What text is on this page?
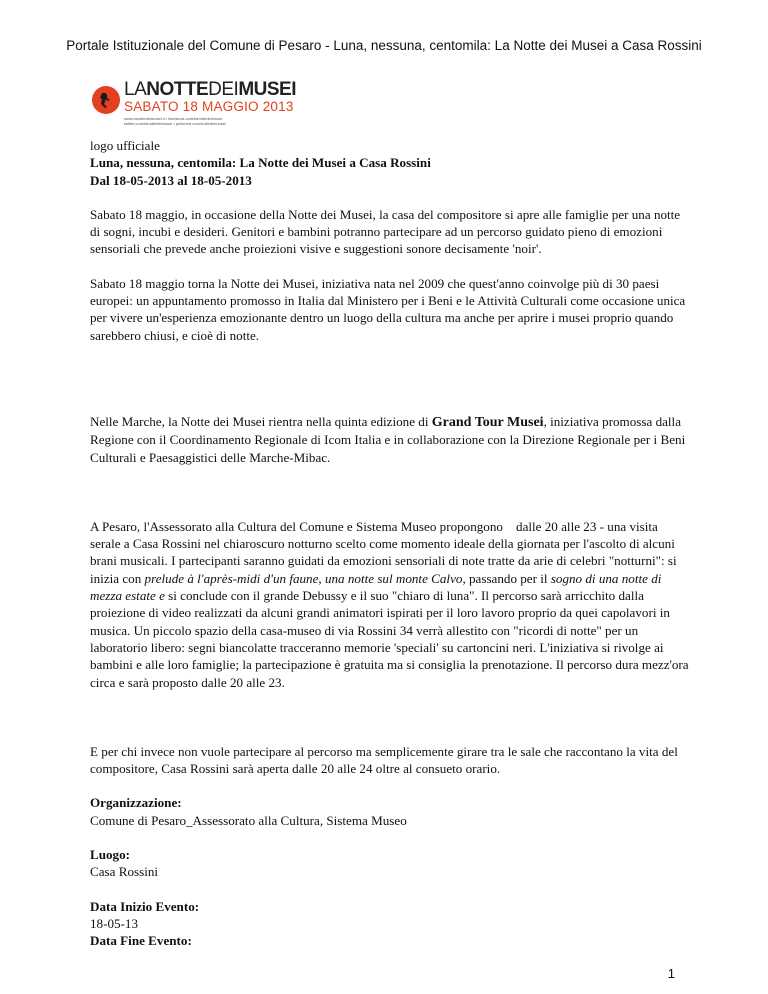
Portale Istituzionale del Comune di Pesaro - Luna, nessuna, centomila: La Notte dei Musei a Casa Rossini
LANOTTEDEIMUSEI
SABATO 18 MAGGIO 2013
www.lanottedeimusei.it • facebook.com/lanottedeimusei
twitter.com/lanottedeimusei • pinterest.com/nottedeimusei

logo ufficiale

Luna, nessuna, centomila: La Notte dei Musei a Casa Rossini

Dal 18-05-2013 al 18-05-2013

Sabato 18 maggio, in occasione della Notte dei Musei, la casa del compositore si apre alle famiglie per una notte di sogni, incubi e desideri. Genitori e bambini potranno partecipare ad un percorso guidato pieno di emozioni sensoriali che prevede anche proiezioni visive e suggestioni sonore decisamente 'noir'.

Sabato 18 maggio torna la Notte dei Musei, iniziativa nata nel 2009 che quest'anno coinvolge più di 30 paesi europei: un appuntamento promosso in Italia dal Ministero per i Beni e le Attività Culturali come occasione unica per vivere un'esperienza emozionante dentro un luogo della cultura ma anche per aprire i musei proprio quando sarebbero chiusi, e cioè di notte.

Nelle Marche, la Notte dei Musei rientra nella quinta edizione di Grand Tour Musei, iniziativa promossa dalla Regione con il Coordinamento Regionale di Icom Italia e in collaborazione con la Direzione Regionale per i Beni Culturali e Paesaggistici delle Marche-Mibac.

A Pesaro, l'Assessorato alla Cultura del Comune e Sistema Museo propongono    dalle 20 alle 23 - una visita serale a Casa Rossini nel chiaroscuro notturno scelto come momento ideale della giornata per l'ascolto di alcuni brani musicali. I partecipanti saranno guidati da emozioni sensoriali di note tratte da arie di celebri "notturni": si inizia con prelude à l'après-midi d'un faune, una notte sul monte Calvo, passando per il sogno di una notte di mezza estate e si conclude con il grande Debussy e il suo "chiaro di luna". Il percorso sarà arricchito dalla proiezione di video realizzati da alcuni grandi animatori ispirati per il loro lavoro proprio da quei capolavori in musica. Un piccolo spazio della casa-museo di via Rossini 34 verrà allestito con "ricordi di notte" per un laboratorio libero: segni biancolatte tracceranno memorie 'speciali' su cartoncini neri. L'iniziativa si rivolge ai bambini e alle loro famiglie; la partecipazione è gratuita ma si consiglia la prenotazione. Il percorso dura mezz'ora circa e sarà proposto dalle 20 alle 23.

E per chi invece non vuole partecipare al percorso ma semplicemente girare tra le sale che raccontano la vita del compositore, Casa Rossini sarà aperta dalle 20 alle 24 oltre al consueto orario.

Organizzazione:

Comune di Pesaro_Assessorato alla Cultura, Sistema Museo

Luogo:

Casa Rossini

Data Inizio Evento:

18-05-13

Data Fine Evento:

1
